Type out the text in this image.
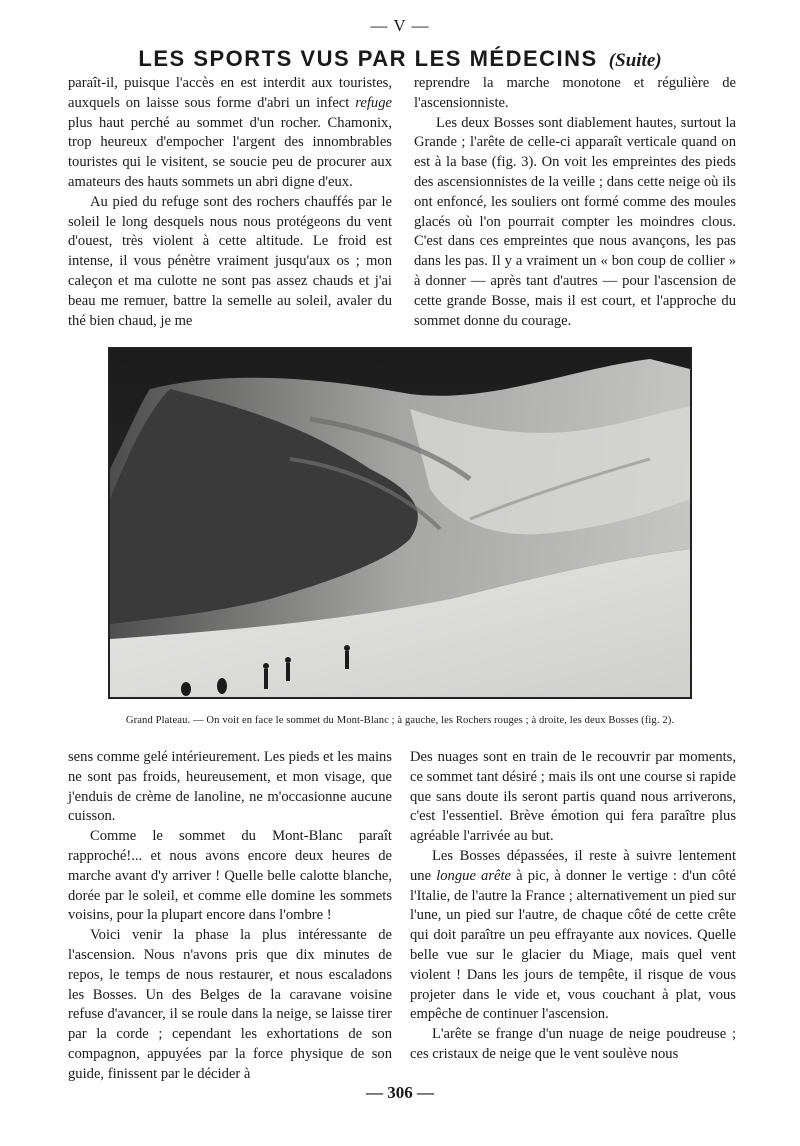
— V —
LES SPORTS VUS PAR LES MÉDECINS (Suite)

paraît-il, puisque l'accès en est interdit aux touristes, auxquels on laisse sous forme d'abri un infect refuge plus haut perché au sommet d'un rocher. Chamonix, trop heureux d'empocher l'argent des innombrables touristes qui le visitent, se soucie peu de procurer aux amateurs des hauts sommets un abri digne d'eux.

Au pied du refuge sont des rochers chauffés par le soleil le long desquels nous nous protégeons du vent d'ouest, très violent à cette altitude. Le froid est intense, il vous pénètre vraiment jusqu'aux os ; mon caleçon et ma culotte ne sont pas assez chauds et j'ai beau me remuer, battre la semelle au soleil, avaler du thé bien chaud, je me

reprendre la marche monotone et régulière de l'ascensionniste.

Les deux Bosses sont diablement hautes, surtout la Grande ; l'arête de celle-ci apparaît verticale quand on est à la base (fig. 3). On voit les empreintes des pieds des ascensionnistes de la veille ; dans cette neige où ils ont enfoncé, les souliers ont formé comme des moules glacés où l'on pourrait compter les moindres clous. C'est dans ces empreintes que nous avançons, les pas dans les pas. Il y a vraiment un « bon coup de collier » à donner — après tant d'autres — pour l'ascension de cette grande Bosse, mais il est court, et l'approche du sommet donne du courage.

Grand Plateau. — On voit en face le sommet du Mont-Blanc ; à gauche, les Rochers rouges ; à droite, les deux Bosses (fig. 2).

sens comme gelé intérieurement. Les pieds et les mains ne sont pas froids, heureusement, et mon visage, que j'enduis de crème de lanoline, ne m'occasionne aucune cuisson.

Comme le sommet du Mont-Blanc paraît rapproché!... et nous avons encore deux heures de marche avant d'y arriver ! Quelle belle calotte blanche, dorée par le soleil, et comme elle domine les sommets voisins, pour la plupart encore dans l'ombre !

Voici venir la phase la plus intéressante de l'ascension. Nous n'avons pris que dix minutes de repos, le temps de nous restaurer, et nous escaladons les Bosses. Un des Belges de la caravane voisine refuse d'avancer, il se roule dans la neige, se laisse tirer par la corde ; cependant les exhortations de son compagnon, appuyées par la force physique de son guide, finissent par le décider à

Des nuages sont en train de le recouvrir par moments, ce sommet tant désiré ; mais ils ont une course si rapide que sans doute ils seront partis quand nous arriverons, c'est l'essentiel. Brève émotion qui fera paraître plus agréable l'arrivée au but.

Les Bosses dépassées, il reste à suivre lentement une longue arête à pic, à donner le vertige : d'un côté l'Italie, de l'autre la France ; alternativement un pied sur l'une, un pied sur l'autre, de chaque côté de cette crête qui doit paraître un peu effrayante aux novices. Quelle belle vue sur le glacier du Miage, mais quel vent violent ! Dans les jours de tempête, il risque de vous projeter dans le vide et, vous couchant à plat, vous empêche de continuer l'ascension.

L'arête se frange d'un nuage de neige poudreuse ; ces cristaux de neige que le vent soulève nous

— 306 —
